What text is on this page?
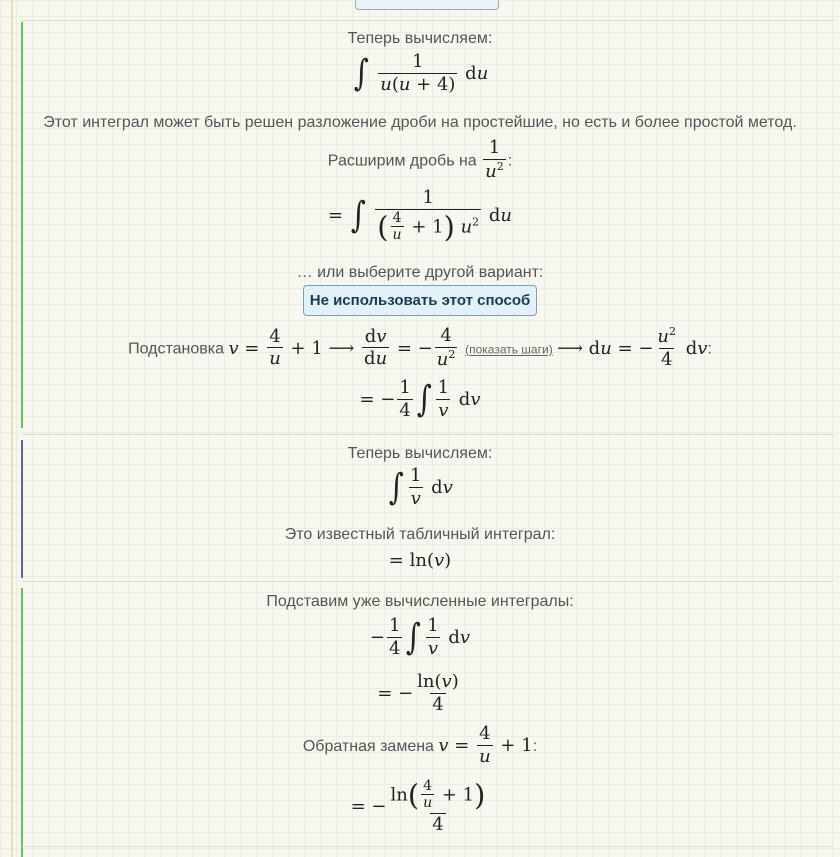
Теперь вычисляем:
∫ $\frac{1}{u(u + 4)}$ du
Этот интеграл может быть решен разложение дроби на простейшие, но есть и более простой метод.
Расширим дробь на $\frac{1}{u^2}$ :
= ∫ $\frac{1}{( \frac{4}{u} + 1) u^2}$ du
… или выберите другой вариант:
Не использовать этот способ
Подстановка $v = \frac{4}{u} + 1$ ⟶ $\frac{dv}{du}$ = − $\frac{4}{u^2}$ (показать шаги) ⟶ du = − $\frac{u^2}{4}$ dv:
= − $\frac{1}{4}$ ∫ $\frac{1}{v}$ dv
Теперь вычисляем:
∫ $\frac{1}{v}$ dv
Это известный табличный интеграл:
= ln(v)
Подставим уже вычисленные интегралы:
− $\frac{1}{4}$ ∫ $\frac{1}{v}$ dv
= − $\frac{\ln(v)}{4}$
Обратная замена $v = \frac{4}{u} + 1$:
= − $\frac{\ln( \frac{4}{u} + 1)}{4}$
